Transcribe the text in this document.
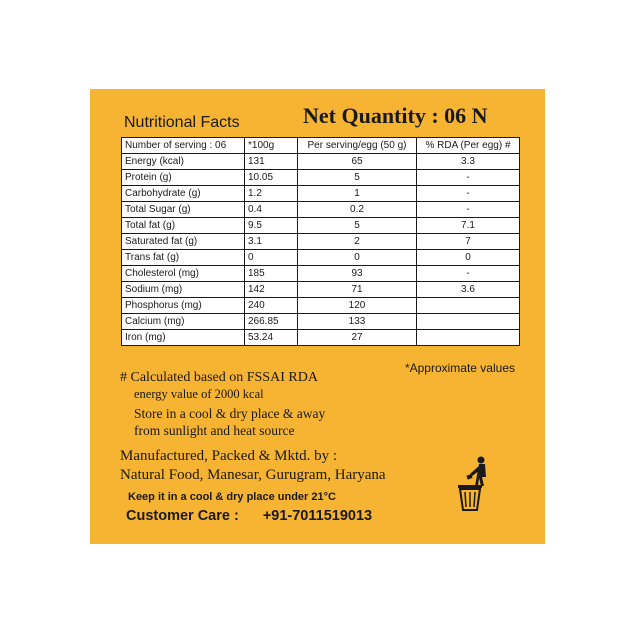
Nutritional Facts	Net Quantity : 06 N
Number of serving : 06	*100g	Per serving/egg (50 g)	% RDA (Per egg) #
Energy (kcal)	131	65	3.3
Protein (g)	10.05	5	-
Carbohydrate (g)	1.2	1	-
Total Sugar (g)	0.4	0.2	-
Total fat (g)	9.5	5	7.1
Saturated fat (g)	3.1	2	7
Trans fat (g)	0	0	0
Cholesterol (mg)	185	93	-
Sodium (mg)	142	71	3.6
Phosphorus (mg)	240	120	
Calcium (mg)	266.85	133	
Iron (mg)	53.24	27	
*Approximate values
# Calculated based on FSSAI RDA
energy value of 2000 kcal
Store in a cool & dry place & away
from sunlight and heat source
Manufactured, Packed & Mktd. by :
Natural Food, Manesar, Gurugram, Haryana
Keep it in a cool & dry place under 21°C
Customer Care : +91-7011519013
